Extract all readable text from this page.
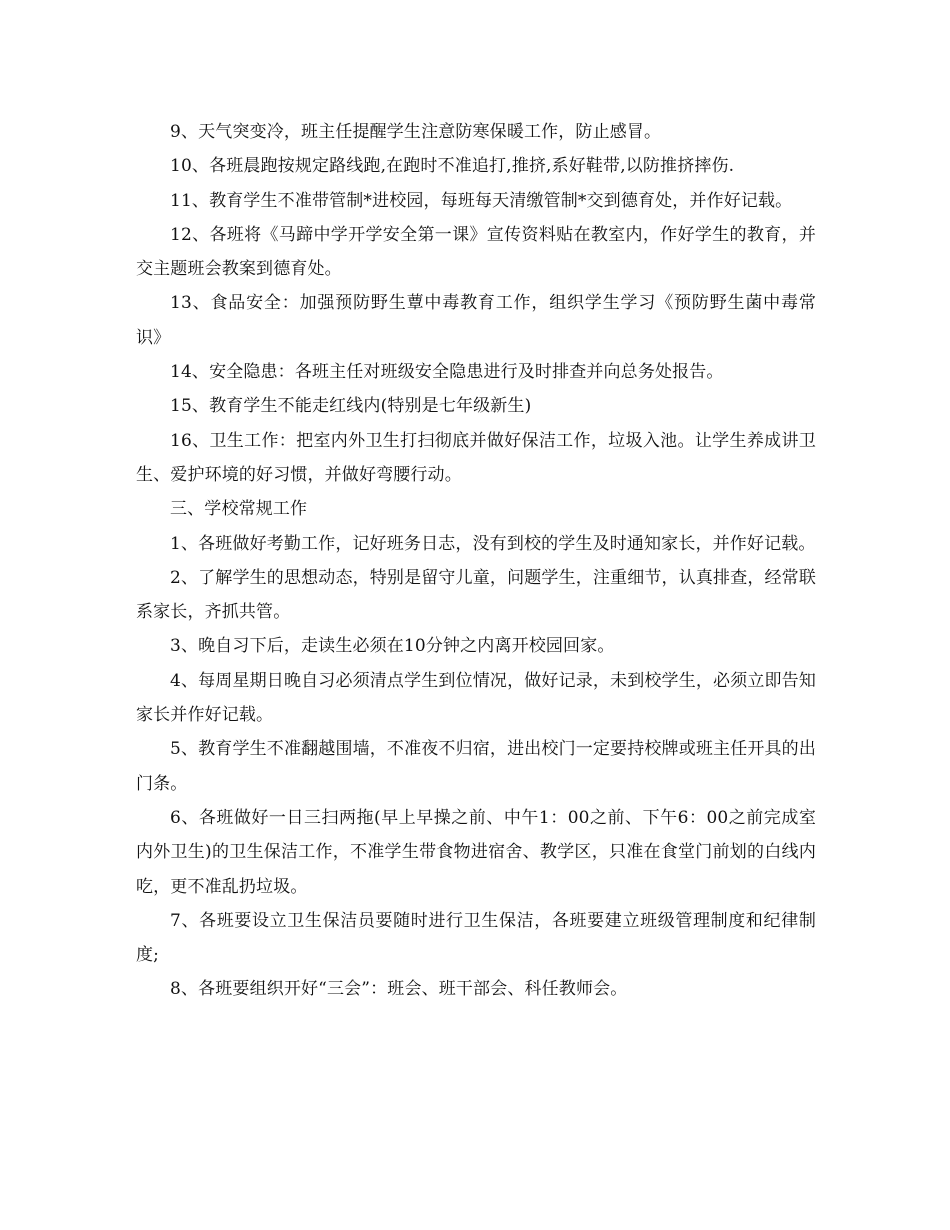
9、天气突变冷，班主任提醒学生注意防寒保暖工作，防止感冒。

10、各班晨跑按规定路线跑,在跑时不准追打,推挤,系好鞋带,以防推挤摔伤.

11、教育学生不准带管制*进校园，每班每天清缴管制*交到德育处，并作好记载。

12、各班将《马蹄中学开学安全第一课》宣传资料贴在教室内，作好学生的教育，并交主题班会教案到德育处。

13、食品安全：加强预防野生蕈中毒教育工作，组织学生学习《预防野生菌中毒常识》

14、安全隐患：各班主任对班级安全隐患进行及时排查并向总务处报告。

15、教育学生不能走红线内(特别是七年级新生)

16、卫生工作：把室内外卫生打扫彻底并做好保洁工作，垃圾入池。让学生养成讲卫生、爱护环境的好习惯，并做好弯腰行动。

三、学校常规工作

1、各班做好考勤工作，记好班务日志，没有到校的学生及时通知家长，并作好记载。

2、了解学生的思想动态，特别是留守儿童，问题学生，注重细节，认真排查，经常联系家长，齐抓共管。

3、晚自习下后，走读生必须在10分钟之内离开校园回家。

4、每周星期日晚自习必须清点学生到位情况，做好记录，未到校学生，必须立即告知家长并作好记载。

5、教育学生不准翻越围墙，不准夜不归宿，进出校门一定要持校牌或班主任开具的出门条。

6、各班做好一日三扫两拖(早上早操之前、中午1：00之前、下午6：00之前完成室内外卫生)的卫生保洁工作，不准学生带食物进宿舍、教学区，只准在食堂门前划的白线内吃，更不准乱扔垃圾。

7、各班要设立卫生保洁员要随时进行卫生保洁，各班要建立班级管理制度和纪律制度;

8、各班要组织开好“三会”：班会、班干部会、科任教师会。
